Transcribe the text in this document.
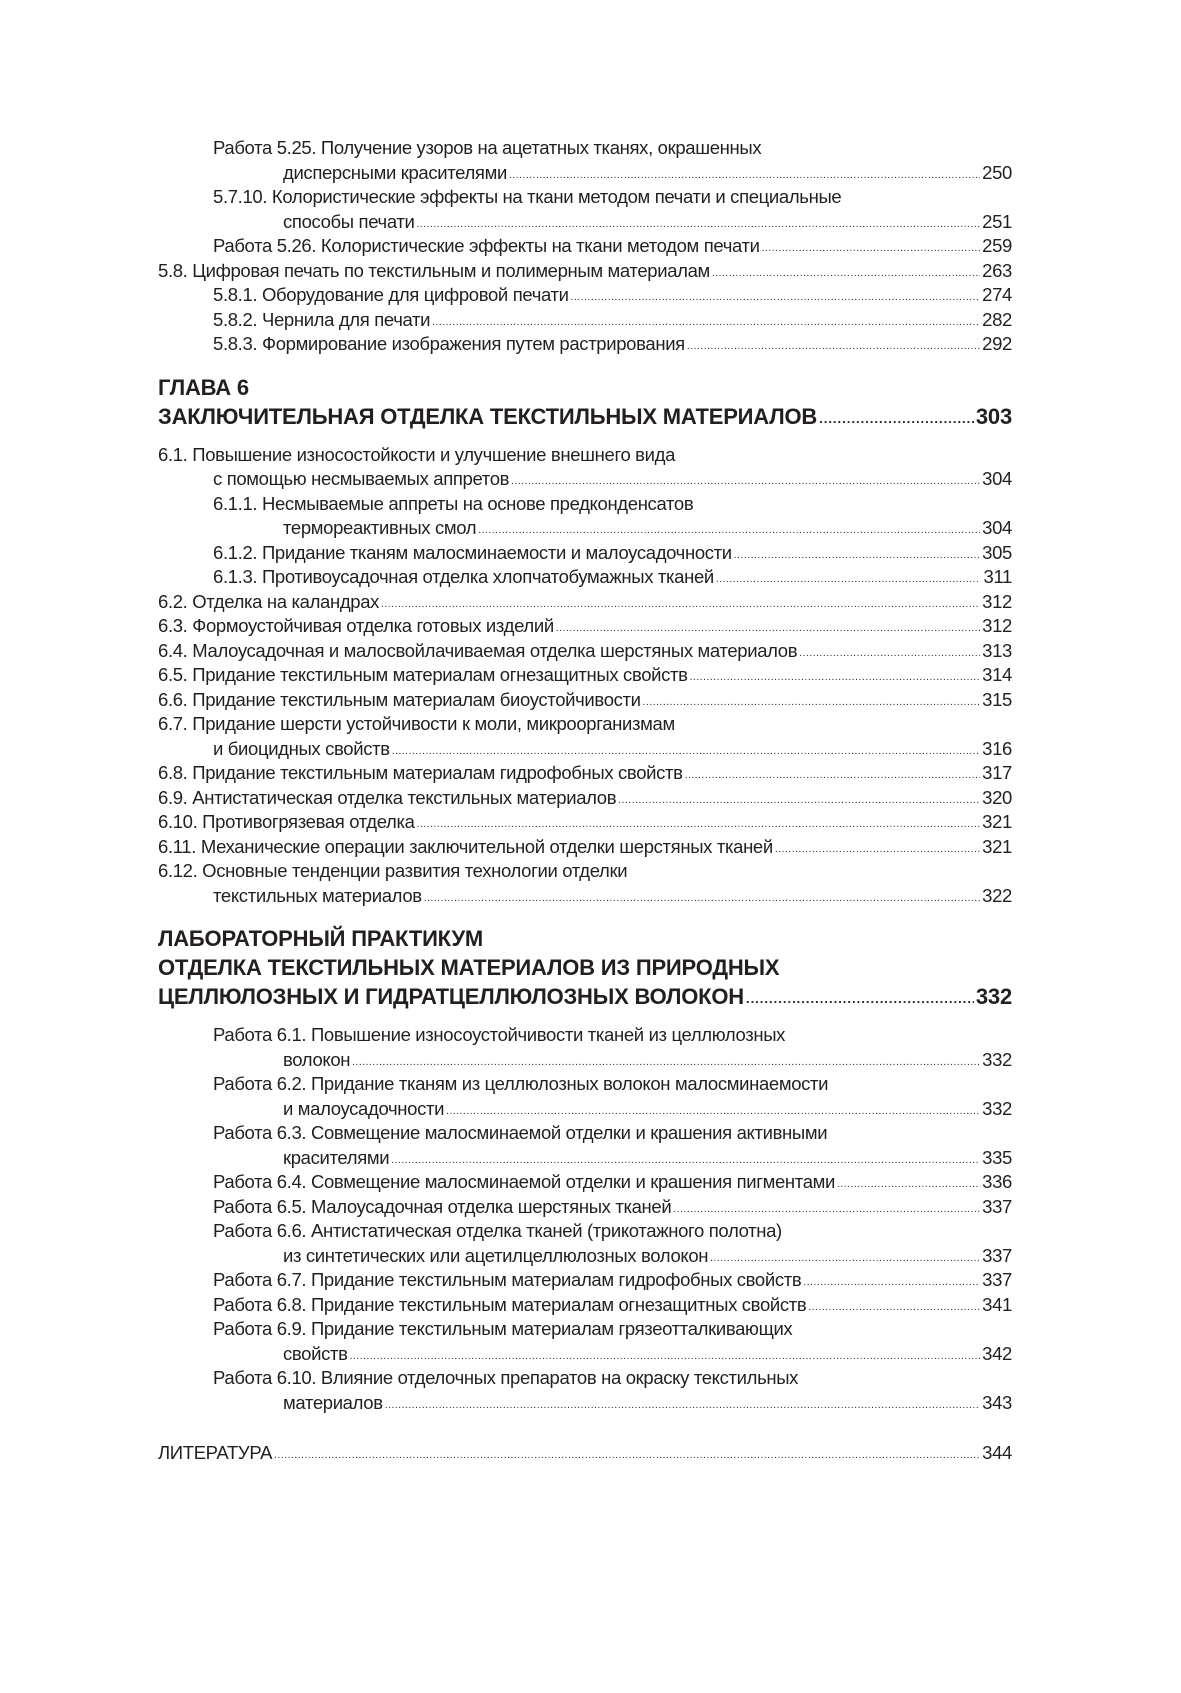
Работа 5.25. Получение узоров на ацетатных тканях, окрашенных
дисперсными красителями .....	250
5.7.10. Колористические эффекты на ткани методом печати и специальные
способы печати .....	251
Работа 5.26. Колористические эффекты на ткани методом печати .....	259
5.8. Цифровая печать по текстильным и полимерным материалам .....	263
5.8.1. Оборудование для цифровой печати .....	274
5.8.2. Чернила для печати .....	282
5.8.3. Формирование изображения путем растрирования .....	292
ГЛАВА 6
ЗАКЛЮЧИТЕЛЬНАЯ ОТДЕЛКА ТЕКСТИЛЬНЫХ МАТЕРИАЛОВ .....	303
6.1. Повышение износостойкости и улучшение внешнего вида
с помощью несмываемых аппретов .....	304
6.1.1. Несмываемые аппреты на основе предконденсатов
термореактивных смол .....	304
6.1.2. Придание тканям малосминаемости и малоусадочности .....	305
6.1.3. Противоусадочная отделка хлопчатобумажных тканей .....	311
6.2. Отделка на каландрах .....	312
6.3. Формоустойчивая отделка готовых изделий .....	312
6.4. Малоусадочная и малосвойлачиваемая отделка шерстяных материалов .....	313
6.5. Придание текстильным материалам огнезащитных свойств .....	314
6.6. Придание текстильным материалам биоустойчивости .....	315
6.7. Придание шерсти устойчивости к моли, микроорганизмам
и биоцидных свойств .....	316
6.8. Придание текстильным материалам гидрофобных свойств .....	317
6.9. Антистатическая отделка текстильных материалов .....	320
6.10. Противогрязевая отделка .....	321
6.11. Механические операции заключительной отделки шерстяных тканей .....	321
6.12. Основные тенденции развития технологии отделки
текстильных материалов .....	322
ЛАБОРАТОРНЫЙ ПРАКТИКУМ
ОТДЕЛКА ТЕКСТИЛЬНЫХ МАТЕРИАЛОВ ИЗ ПРИРОДНЫХ
ЦЕЛЛЮЛОЗНЫХ И ГИДРАТЦЕЛЛЮЛОЗНЫХ ВОЛОКОН .....	332
Работа 6.1. Повышение износоустойчивости тканей из целлюлозных
волокон .....	332
Работа 6.2. Придание тканям из целлюлозных волокон малосминаемости
и малоусадочности .....	332
Работа 6.3. Совмещение малосминаемой отделки и крашения активными
красителями .....	335
Работа 6.4. Совмещение малосминаемой отделки и крашения пигментами .....	336
Работа 6.5. Малоусадочная отделка шерстяных тканей .....	337
Работа 6.6. Антистатическая отделка тканей (трикотажного полотна)
из синтетических или ацетилцеллюлозных волокон .....	337
Работа 6.7. Придание текстильным материалам гидрофобных свойств .....	337
Работа 6.8. Придание текстильным материалам огнезащитных свойств .....	341
Работа 6.9. Придание текстильным материалам грязеотталкивающих
свойств .....	342
Работа 6.10. Влияние отделочных препаратов на окраску текстильных
материалов .....	343
ЛИТЕРАТУРА .....	344
